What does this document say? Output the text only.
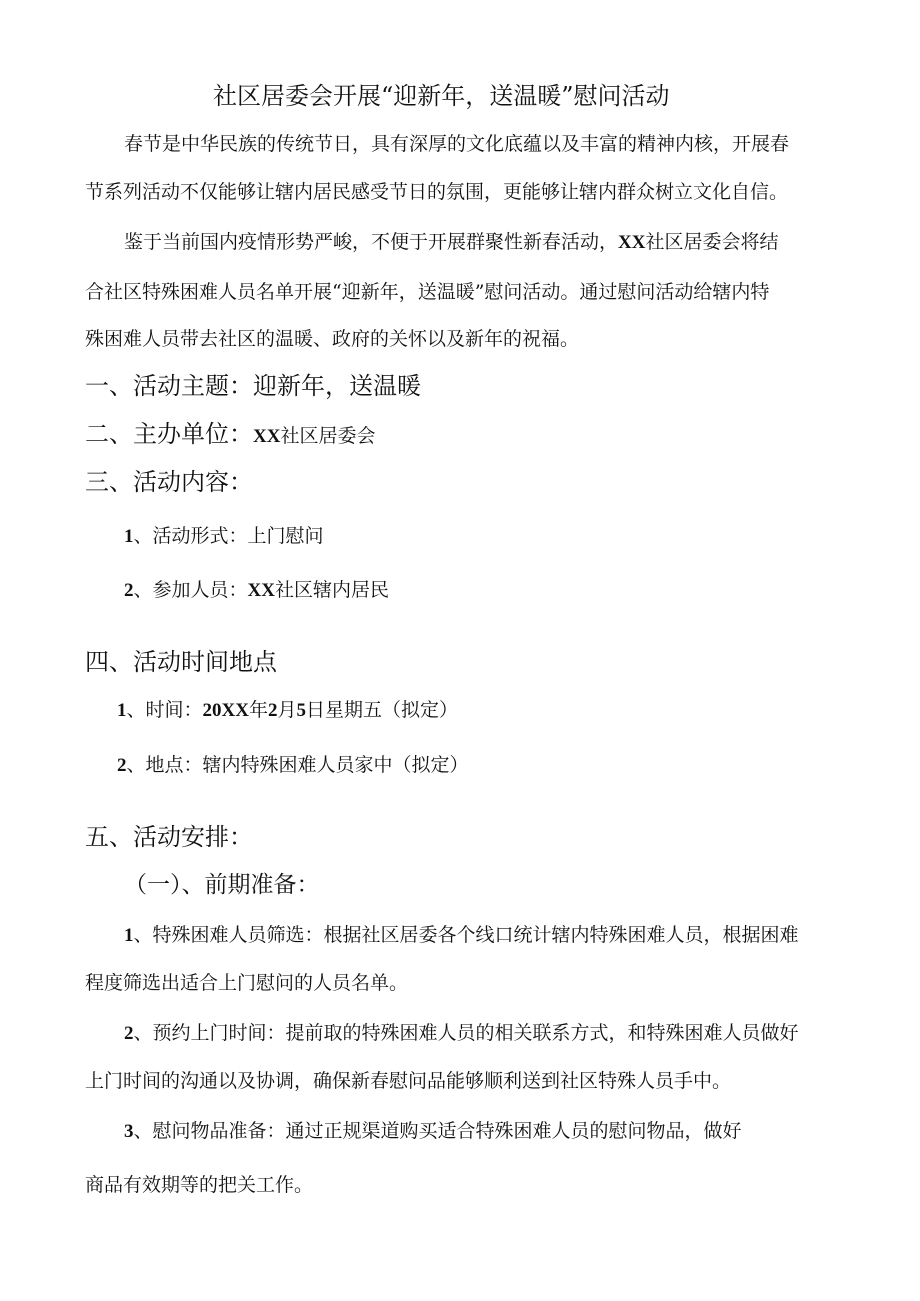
社区居委会开展“迎新年，送温暖”慰问活动
春节是中华民族的传统节日，具有深厚的文化底蕴以及丰富的精神内核，开展春
节系列活动不仅能够让辖内居民感受节日的氛围，更能够让辖内群众树立文化自信。
鉴于当前国内疫情形势严峻，不便于开展群聚性新春活动，XX社区居委会将结
合社区特殊困难人员名单开展“迎新年，送温暖”慰问活动。通过慰问活动给辖内特
殊困难人员带去社区的温暖、政府的关怀以及新年的祝福。
一、活动主题：迎新年，送温暖
二、主办单位：XX社区居委会
三、活动内容：
1、活动形式：上门慰问
2、参加人员：XX社区辖内居民
四、活动时间地点
1、时间：20XX年2月5日星期五（拟定）
2、地点：辖内特殊困难人员家中（拟定）
五、活动安排：
（一）、前期准备：
1、特殊困难人员筛选：根据社区居委各个线口统计辖内特殊困难人员，根据困难
程度筛选出适合上门慰问的人员名单。
2、预约上门时间：提前取的特殊困难人员的相关联系方式，和特殊困难人员做好
上门时间的沟通以及协调，确保新春慰问品能够顺利送到社区特殊人员手中。
3、慰问物品准备：通过正规渠道购买适合特殊困难人员的慰问物品，做好
商品有效期等的把关工作。
